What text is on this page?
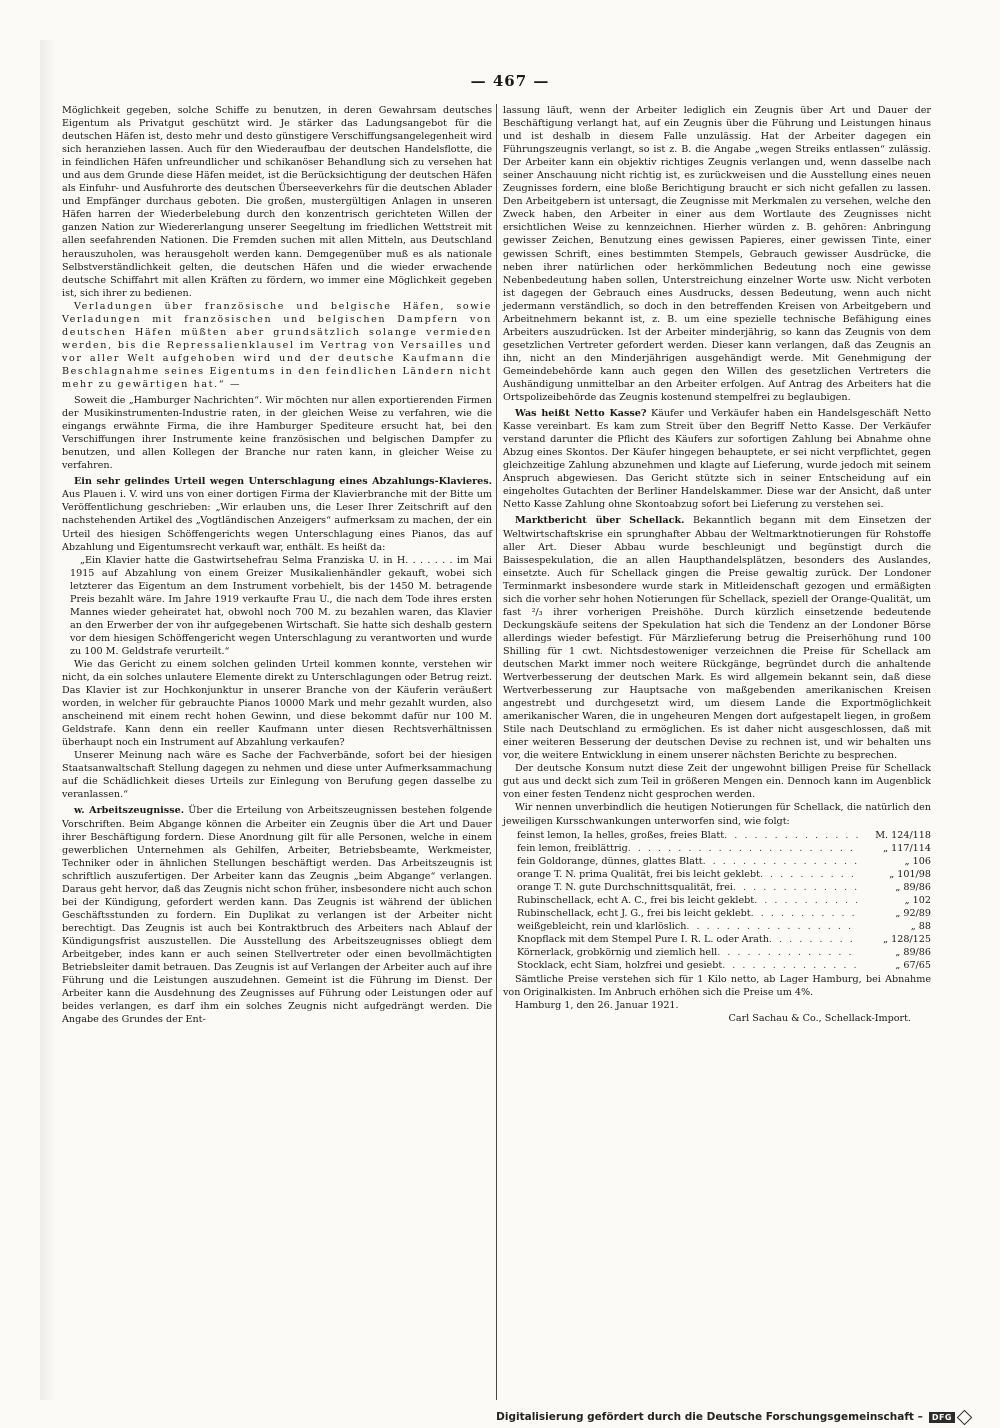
— 467 —

Möglichkeit gegeben, solche Schiffe zu benutzen, in deren Gewahrsam deutsches Eigentum als Privatgut geschützt wird. Je stärker das Ladungsangebot für die deutschen Häfen ist, desto mehr und desto günstigere Verschiffungsangelegenheit wird sich heranziehen lassen. Auch für den Wiederaufbau der deutschen Handelsflotte, die in feindlichen Häfen unfreundlicher und schikanöser Behandlung sich zu versehen hat und aus dem Grunde diese Häfen meidet, ist die Berücksichtigung der deutschen Häfen als Einfuhr- und Ausfuhrorte des deutschen Überseeverkehrs für die deutschen Ablader und Empfänger durchaus geboten. Die großen, mustergültigen Anlagen in unseren Häfen harren der Wiederbelebung durch den konzentrisch gerichteten Willen der ganzen Nation zur Wiedererlangung unserer Seegeltung im friedlichen Wettstreit mit allen seefahrenden Nationen. Die Fremden suchen mit allen Mitteln, aus Deutschland herauszuholen, was herausgeholt werden kann. Demgegenüber muß es als nationale Selbstverständlichkeit gelten, die deutschen Häfen und die wieder erwachende deutsche Schiffahrt mit allen Kräften zu fördern, wo immer eine Möglichkeit gegeben ist, sich ihrer zu bedienen.

Verladungen über französische und belgische Häfen, sowie Verladungen mit französischen und belgischen Dampfern von deutschen Häfen müßten aber grundsätzlich solange vermieden werden, bis die Repressalienklausel im Vertrag von Versailles und vor aller Welt aufgehoben wird und der deutsche Kaufmann die Beschlagnahme seines Eigentums in den feindlichen Ländern nicht mehr zu gewärtigen hat.“ —

Soweit die „Hamburger Nachrichten“. Wir möchten nur allen exportierenden Firmen der Musikinstrumenten-Industrie raten, in der gleichen Weise zu verfahren, wie die eingangs erwähnte Firma, die ihre Hamburger Spediteure ersucht hat, bei den Verschiffungen ihrer Instrumente keine französischen und belgischen Dampfer zu benutzen, und allen Kollegen der Branche nur raten kann, in gleicher Weise zu verfahren.

Ein sehr gelindes Urteil wegen Unterschlagung eines Abzahlungs-Klavieres. Aus Plauen i. V. wird uns von einer dortigen Firma der Klavierbranche mit der Bitte um Veröffentlichung geschrieben: „Wir erlauben uns, die Leser Ihrer Zeitschrift auf den nachstehenden Artikel des „Vogtländischen Anzeigers“ aufmerksam zu machen, der ein Urteil des hiesigen Schöffengerichts wegen Unterschlagung eines Pianos, das auf Abzahlung und Eigentumsrecht verkauft war, enthält. Es heißt da:

„Ein Klavier hatte die Gastwirtsehefrau Selma Franziska U. in H. . . . . . . im Mai 1915 auf Abzahlung von einem Greizer Musikalienhändler gekauft, wobei sich letzterer das Eigentum an dem Instrument vorbehielt, bis der 1450 M. betragende Preis bezahlt wäre. Im Jahre 1919 verkaufte Frau U., die nach dem Tode ihres ersten Mannes wieder geheiratet hat, obwohl noch 700 M. zu bezahlen waren, das Klavier an den Erwerber der von ihr aufgegebenen Wirtschaft. Sie hatte sich deshalb gestern vor dem hiesigen Schöffengericht wegen Unterschlagung zu verantworten und wurde zu 100 M. Geldstrafe verurteilt.“

Wie das Gericht zu einem solchen gelinden Urteil kommen konnte, verstehen wir nicht, da ein solches unlautere Elemente direkt zu Unterschlagungen oder Betrug reizt. Das Klavier ist zur Hochkonjunktur in unserer Branche von der Käuferin veräußert worden, in welcher für gebrauchte Pianos 10000 Mark und mehr gezahlt wurden, also anscheinend mit einem recht hohen Gewinn, und diese bekommt dafür nur 100 M. Geldstrafe. Kann denn ein reeller Kaufmann unter diesen Rechtsverhältnissen überhaupt noch ein Instrument auf Abzahlung verkaufen?

Unserer Meinung nach wäre es Sache der Fachverbände, sofort bei der hiesigen Staatsanwaltschaft Stellung dagegen zu nehmen und diese unter Aufmerksammachung auf die Schädlichkeit dieses Urteils zur Einlegung von Berufung gegen dasselbe zu veranlassen.“

w. Arbeitszeugnisse. Über die Erteilung von Arbeitszeugnissen bestehen folgende Vorschriften. Beim Abgange können die Arbeiter ein Zeugnis über die Art und Dauer ihrer Beschäftigung fordern. Diese Anordnung gilt für alle Personen, welche in einem gewerblichen Unternehmen als Gehilfen, Arbeiter, Betriebsbeamte, Werkmeister, Techniker oder in ähnlichen Stellungen beschäftigt werden. Das Arbeitszeugnis ist schriftlich auszufertigen. Der Arbeiter kann das Zeugnis „beim Abgange“ verlangen. Daraus geht hervor, daß das Zeugnis nicht schon früher, insbesondere nicht auch schon bei der Kündigung, gefordert werden kann. Das Zeugnis ist während der üblichen Geschäftsstunden zu fordern. Ein Duplikat zu verlangen ist der Arbeiter nicht berechtigt. Das Zeugnis ist auch bei Kontraktbruch des Arbeiters nach Ablauf der Kündigungsfrist auszustellen. Die Ausstellung des Arbeitszeugnisses obliegt dem Arbeitgeber, indes kann er auch seinen Stellvertreter oder einen bevollmächtigten Betriebsleiter damit betrauen. Das Zeugnis ist auf Verlangen der Arbeiter auch auf ihre Führung und die Leistungen auszudehnen. Gemeint ist die Führung im Dienst. Der Arbeiter kann die Ausdehnung des Zeugnisses auf Führung oder Leistungen oder auf beides verlangen, es darf ihm ein solches Zeugnis nicht aufgedrängt werden. Die Angabe des Grundes der Ent-

lassung läuft, wenn der Arbeiter lediglich ein Zeugnis über Art und Dauer der Beschäftigung verlangt hat, auf ein Zeugnis über die Führung und Leistungen hinaus und ist deshalb in diesem Falle unzulässig. Hat der Arbeiter dagegen ein Führungszeugnis verlangt, so ist z. B. die Angabe „wegen Streiks entlassen“ zulässig. Der Arbeiter kann ein objektiv richtiges Zeugnis verlangen und, wenn dasselbe nach seiner Anschauung nicht richtig ist, es zurückweisen und die Ausstellung eines neuen Zeugnisses fordern, eine bloße Berichtigung braucht er sich nicht gefallen zu lassen. Den Arbeitgebern ist untersagt, die Zeugnisse mit Merkmalen zu versehen, welche den Zweck haben, den Arbeiter in einer aus dem Wortlaute des Zeugnisses nicht ersichtlichen Weise zu kennzeichnen. Hierher würden z. B. gehören: Anbringung gewisser Zeichen, Benutzung eines gewissen Papieres, einer gewissen Tinte, einer gewissen Schrift, eines bestimmten Stempels, Gebrauch gewisser Ausdrücke, die neben ihrer natürlichen oder herkömmlichen Bedeutung noch eine gewisse Nebenbedeutung haben sollen, Unterstreichung einzelner Worte usw. Nicht verboten ist dagegen der Gebrauch eines Ausdrucks, dessen Bedeutung, wenn auch nicht jedermann verständlich, so doch in den betreffenden Kreisen von Arbeitgebern und Arbeitnehmern bekannt ist, z. B. um eine spezielle technische Befähigung eines Arbeiters auszudrücken. Ist der Arbeiter minderjährig, so kann das Zeugnis von dem gesetzlichen Vertreter gefordert werden. Dieser kann verlangen, daß das Zeugnis an ihn, nicht an den Minderjährigen ausgehändigt werde. Mit Genehmigung der Gemeindebehörde kann auch gegen den Willen des gesetzlichen Vertreters die Aushändigung unmittelbar an den Arbeiter erfolgen. Auf Antrag des Arbeiters hat die Ortspolizeibehörde das Zeugnis kostenund stempelfrei zu beglaubigen.

Was heißt Netto Kasse? Käufer und Verkäufer haben ein Handelsgeschäft Netto Kasse vereinbart. Es kam zum Streit über den Begriff Netto Kasse. Der Verkäufer verstand darunter die Pflicht des Käufers zur sofortigen Zahlung bei Abnahme ohne Abzug eines Skontos. Der Käufer hingegen behauptete, er sei nicht verpflichtet, gegen gleichzeitige Zahlung abzunehmen und klagte auf Lieferung, wurde jedoch mit seinem Anspruch abgewiesen. Das Gericht stützte sich in seiner Entscheidung auf ein eingeholtes Gutachten der Berliner Handelskammer. Diese war der Ansicht, daß unter Netto Kasse Zahlung ohne Skontoabzug sofort bei Lieferung zu verstehen sei.

Marktbericht über Schellack. Bekanntlich begann mit dem Einsetzen der Weltwirtschaftskrise ein sprunghafter Abbau der Weltmarktnotierungen für Rohstoffe aller Art. Dieser Abbau wurde beschleunigt und begünstigt durch die Baissespekulation, die an allen Haupthandelsplätzen, besonders des Auslandes, einsetzte. Auch für Schellack gingen die Preise gewaltig zurück. Der Londoner Terminmarkt insbesondere wurde stark in Mitleidenschaft gezogen und ermäßigten sich die vorher sehr hohen Notierungen für Schellack, speziell der Orange-Qualität, um fast ²/₃ ihrer vorherigen Preishöhe. Durch kürzlich einsetzende bedeutende Deckungskäufe seitens der Spekulation hat sich die Tendenz an der Londoner Börse allerdings wieder befestigt. Für Märzlieferung betrug die Preiserhöhung rund 100 Shilling für 1 cwt. Nichtsdestoweniger verzeichnen die Preise für Schellack am deutschen Markt immer noch weitere Rückgänge, begründet durch die anhaltende Wertverbesserung der deutschen Mark. Es wird allgemein bekannt sein, daß diese Wertverbesserung zur Hauptsache von maßgebenden amerikanischen Kreisen angestrebt und durchgesetzt wird, um diesem Lande die Exportmöglichkeit amerikanischer Waren, die in ungeheuren Mengen dort aufgestapelt liegen, in großem Stile nach Deutschland zu ermöglichen. Es ist daher nicht ausgeschlossen, daß mit einer weiteren Besserung der deutschen Devise zu rechnen ist, und wir behalten uns vor, die weitere Entwicklung in einem unserer nächsten Berichte zu besprechen.

Der deutsche Konsum nutzt diese Zeit der ungewohnt billigen Preise für Schellack gut aus und deckt sich zum Teil in größeren Mengen ein. Dennoch kann im Augenblick von einer festen Tendenz nicht gesprochen werden.

Wir nennen unverbindlich die heutigen Notierungen für Schellack, die natürlich den jeweiligen Kursschwankungen unterworfen sind, wie folgt:

feinst lemon, Ia helles, großes, freies Blatt . . .	M. 124/118
fein lemon, freiblättrig . . .	„ 117/114
fein Goldorange, dünnes, glattes Blatt . . .	„ 106
orange T. N. prima Qualität, frei bis leicht geklebt . . .	„ 101/98
orange T. N. gute Durchschnittsqualität, frei . . .	„ 89/86
Rubinschellack, echt A. C., frei bis leicht geklebt . . .	„ 102
Rubinschellack, echt J. G., frei bis leicht geklebt . . .	„ 92/89
weißgebleicht, rein und klarlöslich . . .	„ 88
Knopflack mit dem Stempel Pure I. R. L. oder Arath . . .	„ 128/125
Körnerlack, grobkörnig und ziemlich hell . . .	„ 89/86
Stocklack, echt Siam, holzfrei und gesiebt . . .	„ 67/65

Sämtliche Preise verstehen sich für 1 Kilo netto, ab Lager Hamburg, bei Abnahme von Originalkisten. Im Anbruch erhöhen sich die Preise um 4%.

Hamburg 1, den 26. Januar 1921.

Carl Sachau & Co., Schellack-Import.

Digitalisierung gefördert durch die Deutsche Forschungsgemeinschaft –	DFG
